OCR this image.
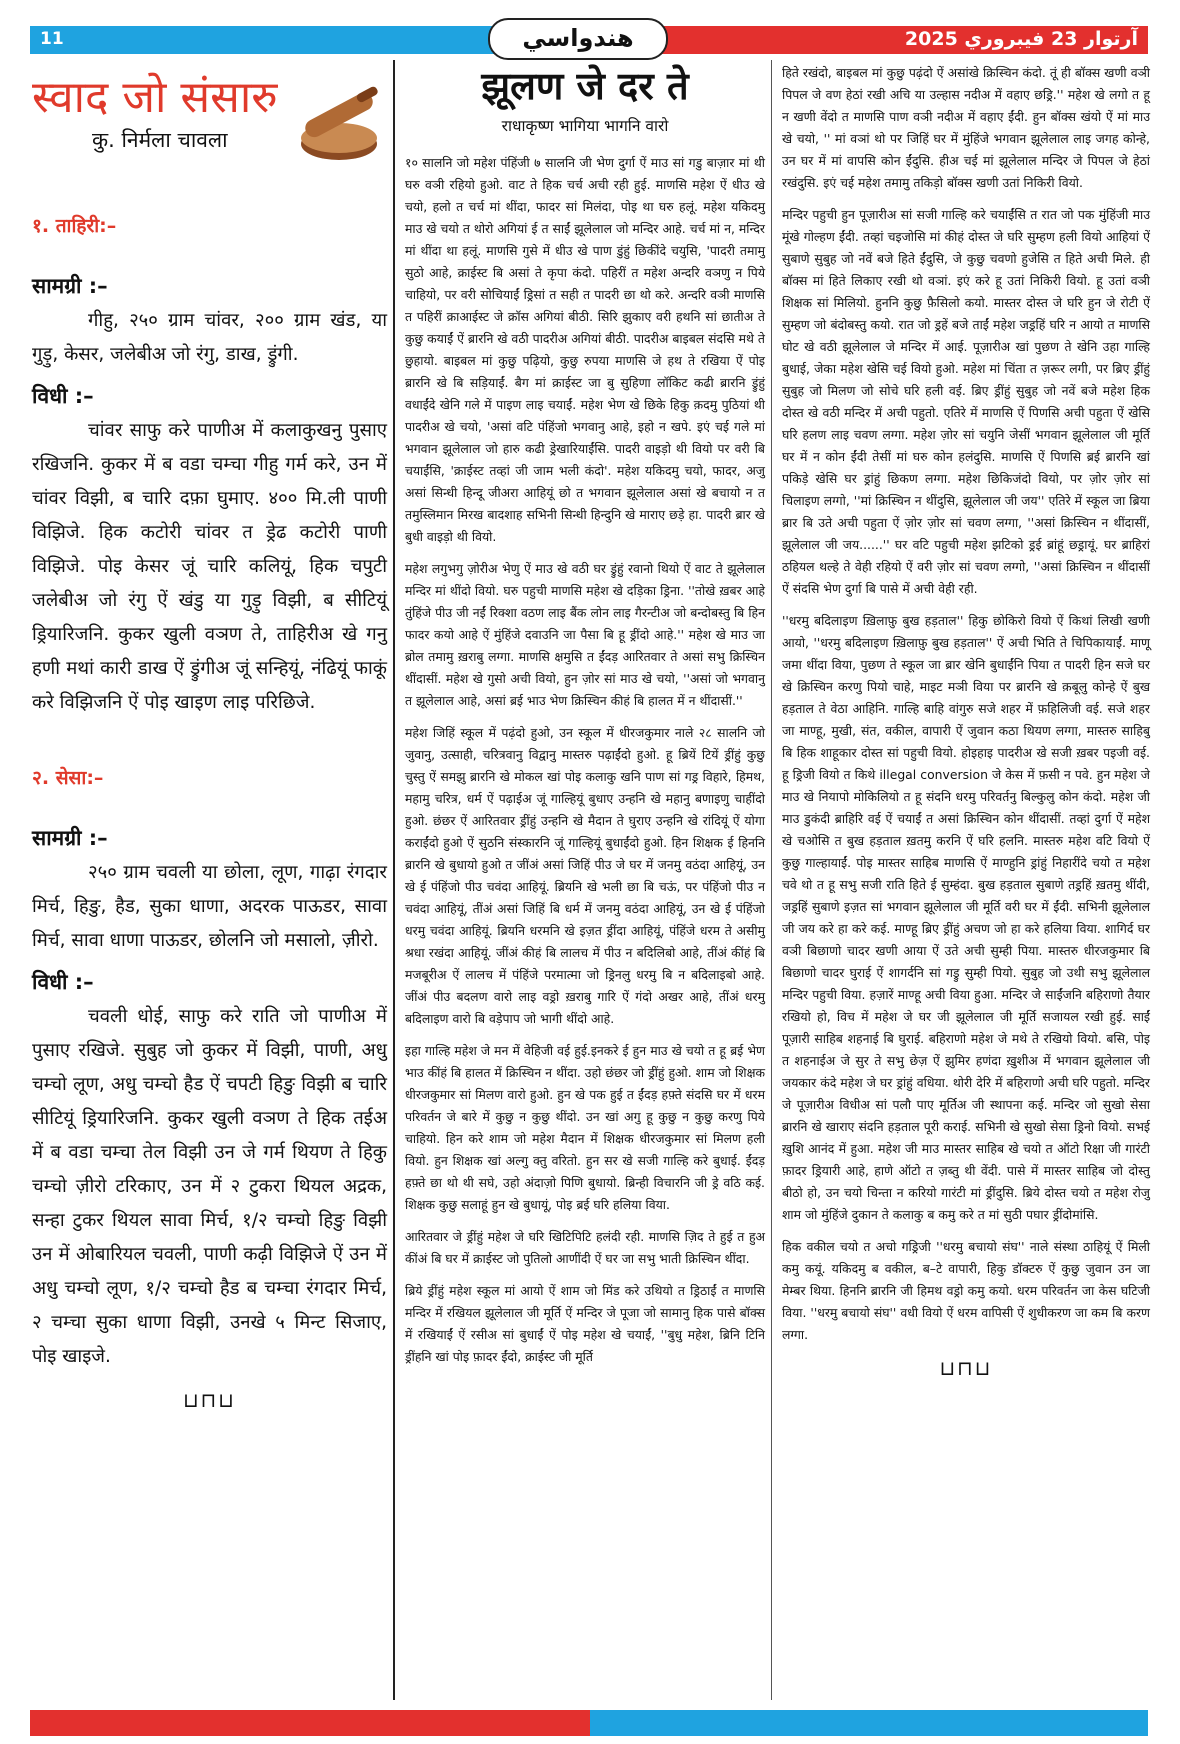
11	آرتوار 23 فيبروري 2025
هندواسي
स्वाद जो संसारु
कु. निर्मला चावला
१. ताहिरी:–
सामग्री :–

गीहु, २५० ग्राम चांवर, २०० ग्राम खंड, या गुड़ु, केसर, जलेबीअ जो रंगु, डाख, ड्रुंगी.

विधी :–

चांवर साफु करे पाणीअ में कलाकुखनु पुसाए रखिजनि. कुकर में ब वडा चम्चा गीहु गर्म करे, उन में चांवर विझी, ब चारि दफ़ा घुमाए. ४०० मि.ली पाणी विझिजे. हिक कटोरी चांवर त ड्रेढ कटोरी पाणी विझिजे. पोइ केसर जूं चारि कलियूं, हिक चपुटी जलेबीअ जो रंगु ऐं खंडु या गुड़ु विझी, ब सीटियूं ड्रियारिजनि. कुकर खुली वञण ते, ताहिरीअ खे गनु हणी मथां कारी डाख ऐं ड्रुंगीअ जूं सन्हियूं, नंढियूं फाकूं करे विझिजनि ऐं पोइ खाइण लाइ परिछिजे.

२. सेसा:–
सामग्री :–

२५० ग्राम चवली या छोला, लूण, गाढ़ा रंगदार मिर्च, हिङु, हैड, सुका धाणा, अदरक पाऊडर, सावा मिर्च, सावा धाणा पाऊडर, छोलनि जो मसालो, ज़ीरो.

विधी :–

चवली धोई, साफु करे राति जो पाणीअ में पुसाए रखिजे. सुबुह जो कुकर में विझी, पाणी, अधु चम्चो लूण, अधु चम्चो हैड ऐं चपटी हिङु विझी ब चारि सीटियूं ड्रियारिजनि. कुकर खुली वञण ते हिक तईअ में ब वडा चम्चा तेल विझी उन जे गर्म थियण ते हिकु चम्चो ज़ीरो टरिकाए, उन में २ टुकरा थियल अद्रक, सन्हा टुकर थियल सावा मिर्च, १/२ चम्चो हिङु विझी उन में ओबारियल चवली, पाणी कढ़ी विझिजे ऐं उन में अधु चम्चो लूण, १/२ चम्चो हैड ब चम्चा रंगदार मिर्च, २ चम्चा सुका धाणा विझी, उनखे ५ मिन्ट सिजाए, पोइ खाइजे.

⊔⊓⊔
झूलण जे दर ते
राधाकृष्ण भागिया भागनि वारो

१० सालनि जो महेश पंहिंजी ७ सालनि जी भेण दुर्गा ऐं माउ सां गडु बाज़ार मां थी घरु वञी रहियो हुओ. वाट ते हिक चर्च अची रही हुई. माणसि महेश ऐं धीउ खे चयो, हलो त चर्च मां थींदा, फादर सां मिलंदा, पोइ था घरु हलूं. महेश यकिदमु माउ खे चयो त थोरो अगियां ई त साईं झूलेलाल जो मन्दिर आहे. चर्च मां न, मन्दिर मां थींदा था हलूं. माणसि गुसे में धीउ खे पाण डुंहुं छिकींदे चयुसि, 'पादरी तमामु सुठो आहे, क्राईस्ट बि असां ते कृपा कंदो. पहिरीं त महेश अन्दरि वञणु न पिये चाहियो, पर वरी सोचियाईं ड्रिसां त सही त पादरी छा थो करे. अन्दरि वञी माणसि त पहिरीं क्राआईस्ट जे क्रॉस अगियां बीठी. सिरि झुकाए वरी हथनि सां छातीअ ते कुछु कयाईं ऐं ब्रारनि खे वठी पादरीअ अगियां बीठी. पादरीअ बाइबल संदसि मथे ते छुहायो. बाइबल मां कुछु पढ़ियो, कुछु रुपया माणसि जे हथ ते रखिया ऐं पोइ ब्रारनि खे बि सड़ियाईं. बैग मां क्राईस्ट जा बु सुहिणा लॉकिट कढी ब्रारनि ड्रुंहुं वधाईंदे खेनि गले में पाइण लाइ चयाईं. महेश भेण खे छिके हिकु क़दमु पुठियां थी पादरीअ खे चयो, 'असां वटि पंहिंजो भगवानु आहे, इहो न खपे. इएं चई गले मां भगवान झूलेलाल जो हारु कढी ड्रेखारियाईंसि. पादरी वाइड़ो थी वियो पर वरी बि चयाईंसि, 'क्राईस्ट तव्हां जी जाम भली कंदो'. महेश यकिदमु चयो, फादर, अजु असां सिन्धी हिन्दू जीअरा आहियूं छो त भगवान झूलेलाल असां खे बचायो न त तमुस्लिमान मिरख बादशाह सभिनी सिन्धी हिन्दुनि खे माराए छड़े हा. पादरी ब्रार खे बुधी वाइड़ो थी वियो.

महेश लगुभगु ज़ोरीअ भेणु ऐं माउ खे वठी घर ड्रुंहुं रवानो थियो ऐं वाट ते झूलेलाल मन्दिर मां थींदो वियो. घरु पहुची माणसि महेश खे दड़िका ड्रिना. ''तोखे ख़बर आहे तुंहिंजे पीउ जी नईं रिक्शा वठण लाइ बैंक लोन लाइ गैरन्टीअ जो बन्दोबस्तु बि हिन फादर कयो आहे ऐं मुंहिंजे दवाउनि जा पैसा बि हू ड्रींदो आहे.'' महेश खे माउ जा ब्रोल तमामु ख़राबु लग्गा. माणसि क्षमुसि त ईंदड़ आरितवार ते असां सभु क्रिस्चिन थींदासीं. महेश खे गुसो अची वियो, हुन ज़ोर सां माउ खे चयो, ''असां जो भगवानु त झूलेलाल आहे, असां ब्रई भाउ भेण क्रिस्चिन कीहं बि हालत में न थींदासीं.''

महेश जिहिं स्कूल में पढ़ंदो हुओ, उन स्कूल में धीरजकुमार नाले २८ सालनि जो जुवानु, उत्साही, चरित्रवानु विद्वानु मास्तरु पढ़ाईंदो हुओ. हू ब्रियें टियें ड्रींहुं कुछु चुस्तु ऐं समझु ब्रारनि खे मोकल खां पोइ कलाकु खनि पाण सां गड्र विहारे, हिमथ, महामु चरित्र, धर्म ऐं पढ़ाईअ जूं गाल्हियूं बुधाए उन्हनि खे महानु बणाइणु चाहींदो हुओ. छंछर ऐं आरितवार ड्रींहुं उन्हनि खे मैदान ते घुराए उन्हनि खे रांदियूं ऐं योगा कराईंदो हुओ ऐं सुठनि संस्कारनि जूं गाल्हियूं बुधाईंदो हुओ. हिन शिक्षक ई हिननि ब्रारनि खे बुधायो हुओ त जींअं असां जिहिं पीउ जे घर में जनमु वठंदा आहियूं, उन खे ई पंहिंजो पीउ चवंदा आहियूं. ब्रियनि खे भली छा बि चऊं, पर पंहिंजो पीउ न चवंदा आहियूं, तींअं असां जिहिं बि धर्म में जनमु वठंदा आहियूं, उन खे ई पंहिंजो धरमु चवंदा आहियूं. ब्रियनि धरमनि खे इज़त ड्रींदा आहियूं, पंहिंजे धरम ते असीमु श्रधा रखंदा आहियूं. जींअं कीहं बि लालच में पीउ न बदिलिबो आहे, तींअं कींहं बि मजबूरीअ ऐं लालच में पंहिंजे परमात्मा जो ड्रिनलु धरमु बि न बदिलाइबो आहे. जींअं पीउ बदलण वारो लाइ वड्रो ख़राबु गारि ऐं गंदो अखर आहे, तींअं धरमु बदिलाइण वारो बि वड़ेपाप जो भागी थींदो आहे.

इहा गाल्हि महेश जे मन में वेहिजी वई हुई.इनकरे ई हुन माउ खे चयो त हू ब्रई भेण भाउ कींहं बि हालत में क्रिस्चिन न थींदा. उहो छंछर जो ड्रींहुं हुओ. शाम जो शिक्षक धीरजकुमार सां मिलण वारो हुओ. हुन खे पक हुई त ईंदड़ हफ़्ते संदसि घर में धरम परिवर्तन जे बारे में कुछु न कुछु थींदो. उन खां अगु हू कुछु न कुछु करणु पिये चाहियो. हिन करे शाम जो महेश मैदान में शिक्षक धीरजकुमार सां मिलण हली वियो. हुन शिक्षक खां अल्गु क्तु वरितो. हुन सर खे सजी गाल्हि करे बुधाई. ईंदड़ हफ़्ते छा थो थी सघे, उहो अंदाज़ो पिणि बुधायो. ब्रिन्ही विचारनि जी ड्रे वठि कई. शिक्षक कुछु सलाहूं हुन खे बुधायूं, पोइ ब्रई घरि हलिया विया.

आरितवार जे ड्रींहुं महेश जे घरि खिटिपिटि हलंदी रही. माणसि ज़िद ते हुई त हुअ कींअं बि घर में क्राईस्ट जो पुतिलो आणींदी ऐं घर जा सभु भाती क्रिस्चिन थींदा.

ब्रिये ड्रींहुं महेश स्कूल मां आयो ऐं शाम जो मिंड करे उथियो त ड्रिठाईं त माणसि मन्दिर में रखियल झूलेलाल जी मूर्ति ऐं मन्दिर जे पूजा जो सामानु हिक पासे बॉक्स में रखियाईं ऐं रसीअ सां बुधाईं ऐं पोइ महेश खे चयाईं, ''बुधु महेश, ब्रिनि टिनि ड्रींहनि खां पोइ फ़ादर ईंदो, क्राईस्ट जी मूर्ति

हिते रखंदो, बाइबल मां कुछु पढ़ंदो ऐं असांखे क्रिस्चिन कंदो. तूं ही बॉक्स खणी वञी पिपल जे वण हेठां रखी अचि या उल्हास नदीअ में वहाए छड्रि.'' महेश खे लगो त हू न खणी वेंदो त माणसि पाण वञी नदीअ में वहाए ईंदी. हुन बॉक्स खंयो ऐं मां माउ खे चयो, '' मां वञां थो पर जिहिं घर में मुंहिंजे भगवान झूलेलाल लाइ जगह कोन्हे, उन घर में मां वापसि कोन ईंदुसि. हीअ चई मां झूलेलाल मन्दिर जे पिपल जे हेठां रखंदुसि. इएं चई महेश तमामु तकिड़ो बॉक्स खणी उतां निकिरी वियो.

मन्दिर पहुची हुन पूज़ारीअ सां सजी गाल्हि करे चयाईंसि त रात जो पक मुंहिंजी माउ मूंखे गोल्हण ईंदी. तव्हां चइजोसि मां कीहं दोस्त जे घरि सुम्हण हली वियो आहियां ऐं सुबाणे सुबुह जो नवें बजे हिते ईंदुसि, जे कुछु चवणो हुजेसि त हिते अची मिले. ही बॉक्स मां हिते लिकाए रखी थो वञां. इएं करे हू उतां निकिरी वियो. हू उतां वञी शिक्षक सां मिलियो. हुननि कुछु फ़ैसिलो कयो. मास्तर दोस्त जे घरि हुन जे रोटी ऐं सुम्हण जो बंदोबस्तु कयो. रात जो ड्रहें बजे ताईं महेश जड्रहिं घरि न आयो त माणसि घोट खे वठी झूलेलाल जे मन्दिर में आई. पूज़ारीअ खां पुछण ते खेनि उहा गाल्हि बुधाई, जेका महेश खेसि चई वियो हुओ. महेश मां चिंता त ज़रूर लगी, पर ब्रिए ड्रींहुं सुबुह जो मिलण जो सोचे घरि हली वई. ब्रिए ड्रींहुं सुबुह जो नवें बजे महेश हिक दोस्त खे वठी मन्दिर में अची पहुतो. एतिरे में माणसि ऐं पिणसि अची पहुता ऐं खेसि घरि हलण लाइ चवण लग्गा. महेश ज़ोर सां चयुनि जेसीं भगवान झूलेलाल जी मूर्ति घर में न कोन ईंदी तेसीं मां घरु कोन हलंदुसि. माणसि ऐं पिणसि ब्रई ब्रारनि खां पकिड़े खेसि घर ड्रांहुं छिकण लग्गा. महेश छिकिजंदो वियो, पर ज़ोर ज़ोर सां चिलाइण लग्गो, ''मां क्रिस्चिन न थींदुसि, झूलेलाल जी जय'' एतिरे में स्कूल जा ब्रिया ब्रार बि उते अची पहुता ऐं ज़ोर ज़ोर सां चवण लग्गा, ''असां क्रिस्चिन न थींदासीं, झूलेलाल जी जय......'' घर वटि पहुची महेश झटिको ड्रई ब्रांहूं छड्रायूं. घर ब्राहिरां ठहियल थल्हे ते वेही रहियो ऐं वरी ज़ोर सां चवण लग्गो, ''असां क्रिस्चिन न थींदासीं ऐं संदसि भेण दुर्गा बि पासे में अची वेही रही.

''धरमु बदिलाइण ख़िलाफ़ु बुख हड़ताल'' हिकु छोकिरो वियो ऐं किथां लिखी खणी आयो, ''धरमु बदिलाइण ख़िलाफ़ु बुख हड़ताल'' ऐं अची भिति ते चिपिकायाईं. माणू जमा थींदा विया, पुछण ते स्कूल जा ब्रार खेनि बुधाईंनि पिया त पादरी हिन सजे घर खे क्रिस्चिन करणु पियो चाहे, माइट मञी विया पर ब्रारनि खे क़बूलु कोन्हे ऐं बुख हड़ताल ते वेठा आहिनि. गाल्हि बाहि वांगुरु सजे शहर में फ़हिलिजी वई. सजे शहर जा माण्हू, मुखी, संत, वकील, वापारी ऐं जुवान कठा थियण लग्गा, मास्तरु साहिबु बि हिक शाहूकार दोस्त सां पहुची वियो. होइहाइ पादरीअ खे सजी ख़बर पइजी वई. हू ड्रिजी वियो त किथे illegal conversion जे केस में फ़सी न पवे. हुन महेश जे माउ खे नियापो मोकिलियो त हू संदनि धरमु परिवर्तनु बिल्कुलु कोन कंदो. महेश जी माउ डुकंदी ब्राहिरि वई ऐं चयाईं त असां क्रिस्चिन कोन थींदासीं. तव्हां दुर्गा ऐं महेश खे चओसि त बुख हड़ताल ख़तमु करनि ऐं घरि हलनि. मास्तरु महेश वटि वियो ऐं कुछु गाल्हायाईं. पोइ मास्तर साहिब माणसि ऐं माण्हुनि ड्रांहुं निहारींदे चयो त महेश चवे थो त हू सभु सजी राति हिते ई सुम्हंदा. बुख हड़ताल सुबाणे तड्रहिं ख़तमु थींदी, जड्रहिं सुबाणे इज़त सां भगवान झूलेलाल जी मूर्ति वरी घर में ईंदी. सभिनी झूलेलाल जी जय करे हा करे कई. माण्हू ब्रिए ड्रींहुं अचण जो हा करे हलिया विया. शागिर्द घर वञी बिछाणो चादर खणी आया ऐं उते अची सुम्ही पिया. मास्तरु धीरजकुमार बि बिछाणो चादर घुराई ऐं शागर्दनि सां गड्रु सुम्ही पियो. सुबुह जो उथी सभु झूलेलाल मन्दिर पहुची विया. हज़ारें माण्हू अची विया हुआ. मन्दिर जे साईंजनि बहिराणो तैयार रखियो हो, विच में महेश जे घर जी झूलेलाल जी मूर्ति सजायल रखी हुई. साईं पूज़ारी साहिब शहनाई बि घुराई. बहिराणो महेश जे मथे ते रखियो वियो. बसि, पोइ त शहनाईअ जे सुर ते सभु छेज़ ऐं झुमिर हणंदा ख़ुशीअ में भगवान झूलेलाल जी जयकार कंदे महेश जे घर ड्रांहुं वधिया. थोरी देरि में बहिराणो अची घरि पहुतो. मन्दिर जे पूज़ारीअ विधीअ सां पलौ पाए मूर्तिअ जी स्थापना कई. मन्दिर जो सुखो सेसा ब्रारनि खे खाराए संदनि हड़ताल पूरी कराई. सभिनी खे सुखो सेसा ड्रिनो वियो. सभई ख़ुशि आनंद में हुआ. महेश जी माउ मास्तर साहिब खे चयो त ऑटो रिक्षा जी गारंटी फ़ादर ड्रियारी आहे, हाणे ऑटो त ज़ब्तु थी वेंदी. पासे में मास्तर साहिब जो दोस्तु बीठो हो, उन चयो चिन्ता न करियो गारंटी मां ड्रींदुसि. ब्रिये दोस्त चयो त महेश रोजु शाम जो मुंहिंजे दुकान ते कलाकु ब कमु करे त मां सुठी पघार ड्रींदोमांसि.

हिक वकील चयो त अचो गड्रिजी ''धरमु बचायो संघ'' नाले संस्था ठाहियूं ऐं मिली कमु कयूं. यकिदमु ब वकील, ब–टे वापारी, हिकु डॉक्टरु ऐं कुछु जुवान उन जा मेम्बर थिया. हिननि ब्रारनि जी हिमथ वड्रो कमु कयो. धरम परिवर्तन जा केस घटिजी विया. ''धरमु बचायो संघ'' वधी वियो ऐं धरम वापिसी ऐं शुधीकरण जा कम बि करण लग्गा.

⊔⊓⊔
